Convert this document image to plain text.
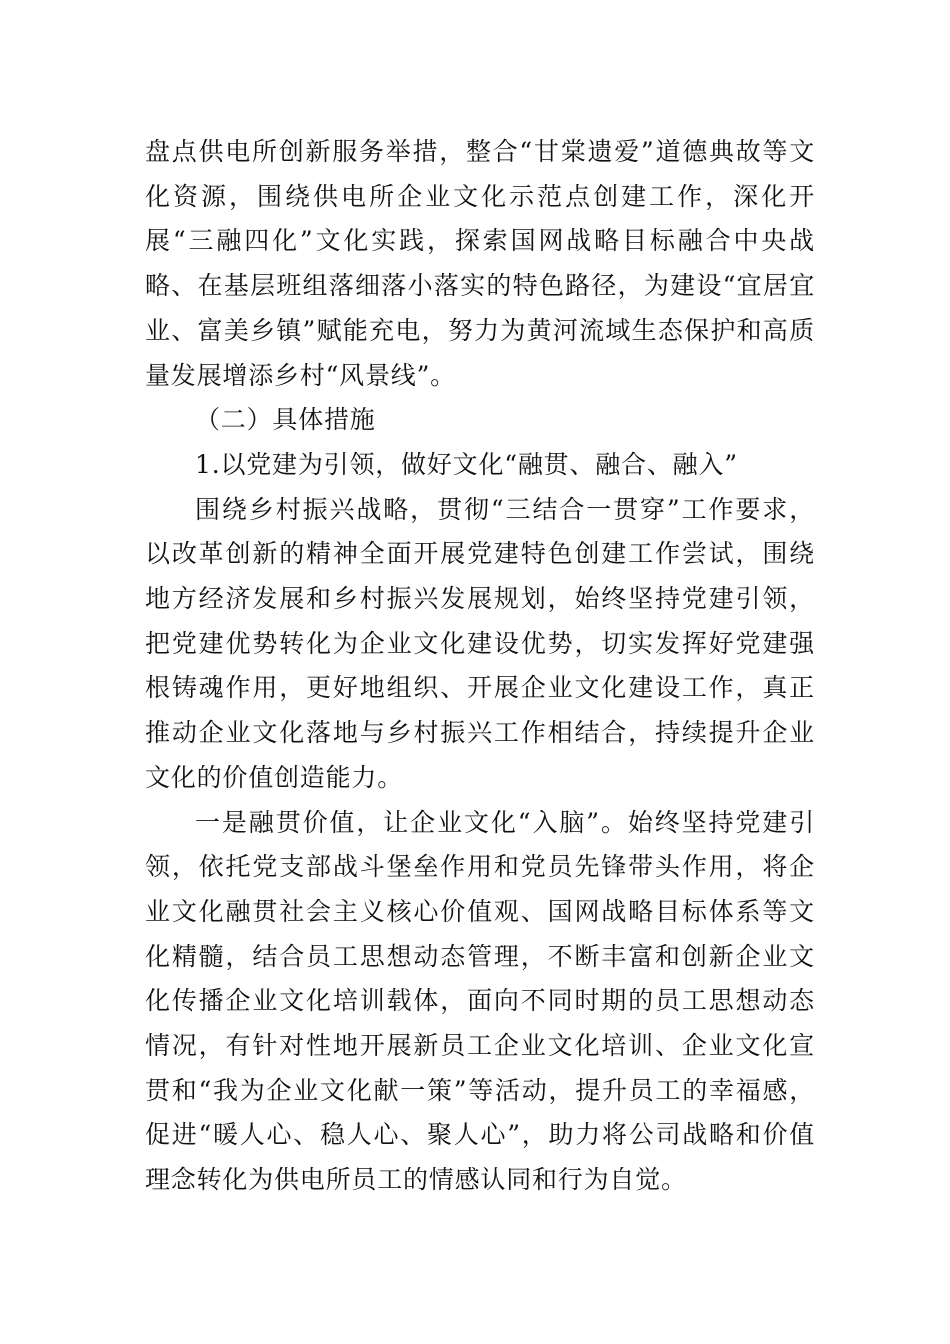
盘点供电所创新服务举措，整合“甘棠遗爱”道德典故等文化资源，围绕供电所企业文化示范点创建工作，深化开展“三融四化”文化实践，探索国网战略目标融合中央战略、在基层班组落细落小落实的特色路径，为建设“宜居宜业、富美乡镇”赋能充电，努力为黄河流域生态保护和高质量发展增添乡村“风景线”。

（二）具体措施

1.以党建为引领，做好文化“融贯、融合、融入”

围绕乡村振兴战略，贯彻“三结合一贯穿”工作要求，以改革创新的精神全面开展党建特色创建工作尝试，围绕地方经济发展和乡村振兴发展规划，始终坚持党建引领，把党建优势转化为企业文化建设优势，切实发挥好党建强根铸魂作用，更好地组织、开展企业文化建设工作，真正推动企业文化落地与乡村振兴工作相结合，持续提升企业文化的价值创造能力。

一是融贯价值，让企业文化“入脑”。始终坚持党建引领，依托党支部战斗堡垒作用和党员先锋带头作用，将企业文化融贯社会主义核心价值观、国网战略目标体系等文化精髓，结合员工思想动态管理，不断丰富和创新企业文化传播企业文化培训载体，面向不同时期的员工思想动态情况，有针对性地开展新员工企业文化培训、企业文化宣贯和“我为企业文化献一策”等活动，提升员工的幸福感，促进“暖人心、稳人心、聚人心”，助力将公司战略和价值理念转化为供电所员工的情感认同和行为自觉。
